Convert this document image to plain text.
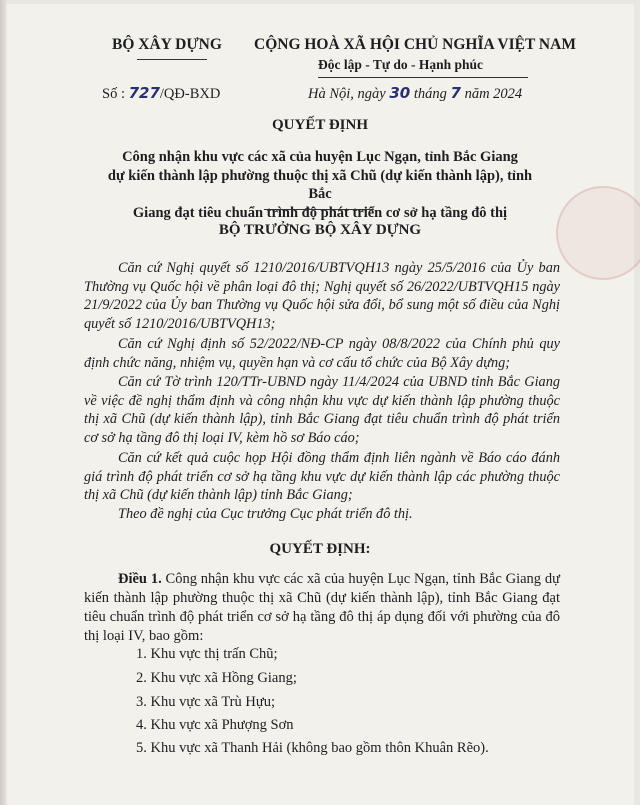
BỘ XÂY DỰNG CỘNG HOÀ XÃ HỘI CHỦ NGHĨA VIỆT NAM
Độc lập - Tự do - Hạnh phúc
Số : 727/QĐ-BXD	Hà Nội, ngày 30 tháng 7 năm 2024
QUYẾT ĐỊNH
Công nhận khu vực các xã của huyện Lục Ngạn, tỉnh Bắc Giang
dự kiến thành lập phường thuộc thị xã Chũ (dự kiến thành lập), tỉnh Bắc
Giang đạt tiêu chuẩn trình độ phát triển cơ sở hạ tầng đô thị
BỘ TRƯỞNG BỘ XÂY DỰNG
Căn cứ Nghị quyết số 1210/2016/UBTVQH13 ngày 25/5/2016 của Ủy ban Thường vụ Quốc hội về phân loại đô thị; Nghị quyết số 26/2022/UBTVQH15 ngày 21/9/2022 của Ủy ban Thường vụ Quốc hội sửa đổi, bổ sung một số điều của Nghị quyết số 1210/2016/UBTVQH13;
Căn cứ Nghị định số 52/2022/NĐ-CP ngày 08/8/2022 của Chính phủ quy định chức năng, nhiệm vụ, quyền hạn và cơ cấu tổ chức của Bộ Xây dựng;
Căn cứ Tờ trình 120/TTr-UBND ngày 11/4/2024 của UBND tỉnh Bắc Giang về việc đề nghị thẩm định và công nhận khu vực dự kiến thành lập phường thuộc thị xã Chũ (dự kiến thành lập), tỉnh Bắc Giang đạt tiêu chuẩn trình độ phát triển cơ sở hạ tầng đô thị loại IV, kèm hồ sơ Báo cáo;
Căn cứ kết quả cuộc họp Hội đồng thẩm định liên ngành về Báo cáo đánh giá trình độ phát triển cơ sở hạ tầng khu vực dự kiến thành lập các phường thuộc thị xã Chũ (dự kiến thành lập) tỉnh Bắc Giang;
Theo đề nghị của Cục trưởng Cục phát triển đô thị.
QUYẾT ĐỊNH:
Điều 1. Công nhận khu vực các xã của huyện Lục Ngạn, tỉnh Bắc Giang dự kiến thành lập phường thuộc thị xã Chũ (dự kiến thành lập), tỉnh Bắc Giang đạt tiêu chuẩn trình độ phát triển cơ sở hạ tầng đô thị áp dụng đối với phường của đô thị loại IV, bao gồm:
1. Khu vực thị trấn Chũ;
2. Khu vực xã Hồng Giang;
3. Khu vực xã Trù Hựu;
4. Khu vực xã Phượng Sơn
5. Khu vực xã Thanh Hải (không bao gồm thôn Khuân Rẽo).
